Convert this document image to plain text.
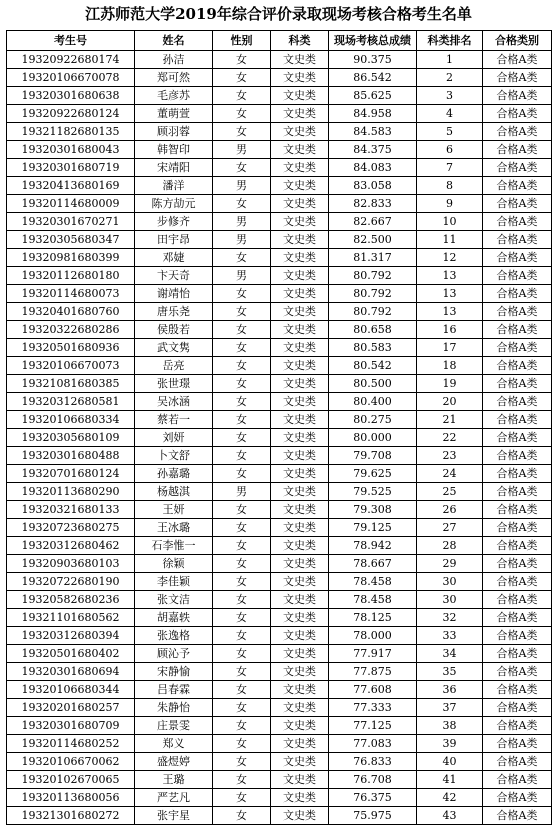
江苏师范大学2019年综合评价录取现场考核合格考生名单
考生号	姓名	性别	科类	现场考核总成绩	科类排名	合格类别
19320922680174	孙洁	女	文史类	90.375	1	合格A类
19320106670078	郑可然	女	文史类	86.542	2	合格A类
19320301680638	毛彦苏	女	文史类	85.625	3	合格A类
19320922680124	董萌萱	女	文史类	84.958	4	合格A类
19321182680135	顾羽蓉	女	文史类	84.583	5	合格A类
19320301680043	韩智印	男	文史类	84.375	6	合格A类
19320301680719	宋靖阳	女	文史类	84.083	7	合格A类
19320413680169	潘洋	男	文史类	83.058	8	合格A类
19320114680009	陈方劼元	女	文史类	82.833	9	合格A类
19320301670271	步修齐	男	文史类	82.667	10	合格A类
19320305680347	田宇昂	男	文史类	82.500	11	合格A类
19320981680399	邓婕	女	文史类	81.317	12	合格A类
19320112680180	卞天奇	男	文史类	80.792	13	合格A类
19320114680073	谢靖怡	女	文史类	80.792	13	合格A类
19320401680760	唐乐尧	女	文史类	80.792	13	合格A类
19320322680286	侯殷若	女	文史类	80.658	16	合格A类
19320501680936	武文隽	女	文史类	80.583	17	合格A类
19320106670073	岳亮	女	文史类	80.542	18	合格A类
19321081680385	张世璟	女	文史类	80.500	19	合格A类
19320312680581	吴冰涵	女	文史类	80.400	20	合格A类
19320106680334	蔡若一	女	文史类	80.275	21	合格A类
19320305680109	刘妍	女	文史类	80.000	22	合格A类
19320301680488	卜文舒	女	文史类	79.708	23	合格A类
19320701680124	孙嘉璐	女	文史类	79.625	24	合格A类
19320113680290	杨越淇	男	文史类	79.525	25	合格A类
19320321680133	王妍	女	文史类	79.308	26	合格A类
19320723680275	王冰璐	女	文史类	79.125	27	合格A类
19320312680462	石李惟一	女	文史类	78.942	28	合格A类
19320903680103	徐颖	女	文史类	78.667	29	合格A类
19320722680190	李佳颖	女	文史类	78.458	30	合格A类
19320582680236	张文洁	女	文史类	78.458	30	合格A类
19321101680562	胡嘉轶	女	文史类	78.125	32	合格A类
19320312680394	张逸格	女	文史类	78.000	33	合格A类
19320501680402	顾沁予	女	文史类	77.917	34	合格A类
19320301680694	宋静愉	女	文史类	77.875	35	合格A类
19320106680344	吕春霖	女	文史类	77.608	36	合格A类
19320201680257	朱静怡	女	文史类	77.333	37	合格A类
19320301680709	庄景雯	女	文史类	77.125	38	合格A类
19320114680252	郑义	女	文史类	77.083	39	合格A类
19320106670062	盛煜婷	女	文史类	76.833	40	合格A类
19320102670065	王璐	女	文史类	76.708	41	合格A类
19320113680056	严艺凡	女	文史类	76.375	42	合格A类
19321301680272	张宇星	女	文史类	75.975	43	合格A类
